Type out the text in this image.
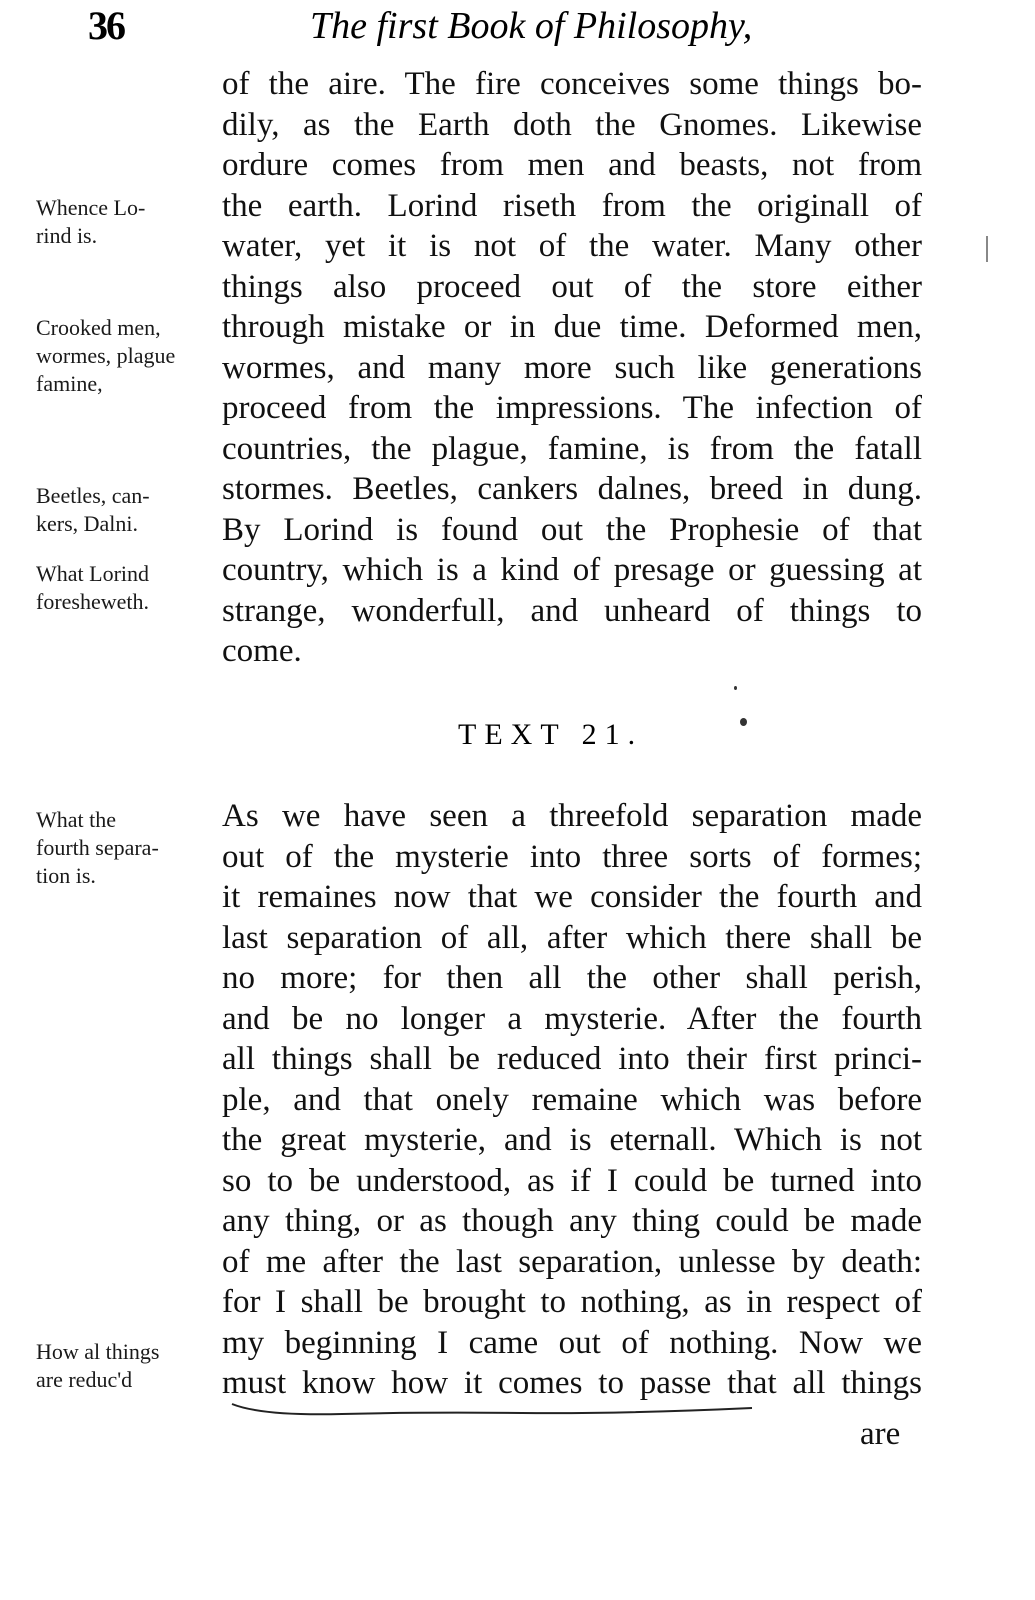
36	The first Book of Philosophy,
Whence Lo-
rind is.
Crooked men,
wormes, plague
famine,
Beetles, can-
kers, Dalni.
What Lorind
foresheweth.
What the
fourth separa-
tion is.
How al things
are reduc'd
of the aire. The fire conceives some things bo-
dily, as the Earth doth the Gnomes. Likewise
ordure comes from men and beasts, not from
the earth. Lorind riseth from the originall of
water, yet it is not of the water. Many other
things also proceed out of the store either
through mistake or in due time. Deformed men,
wormes, and many more such like generations
proceed from the impressions. The infection of
countries, the plague, famine, is from the fatall
stormes. Beetles, cankers dalnes, breed in dung.
By Lorind is found out the Prophesie of that
country, which is a kind of presage or guessing at
strange, wonderfull, and unheard of things to
come.
TEXT 21.
As we have seen a threefold separation made
out of the mysterie into three sorts of formes;
it remaines now that we consider the fourth and
last separation of all, after which there shall be
no more; for then all the other shall perish,
and be no longer a mysterie. After the fourth
all things shall be reduced into their first princi-
ple, and that onely remaine which was before
the great mysterie, and is eternall. Which is not
so to be understood, as if I could be turned into
any thing, or as though any thing could be made
of me after the last separation, unlesse by death:
for I shall be brought to nothing, as in respect of
my beginning I came out of nothing. Now we
must know how it comes to passe that all things
are
